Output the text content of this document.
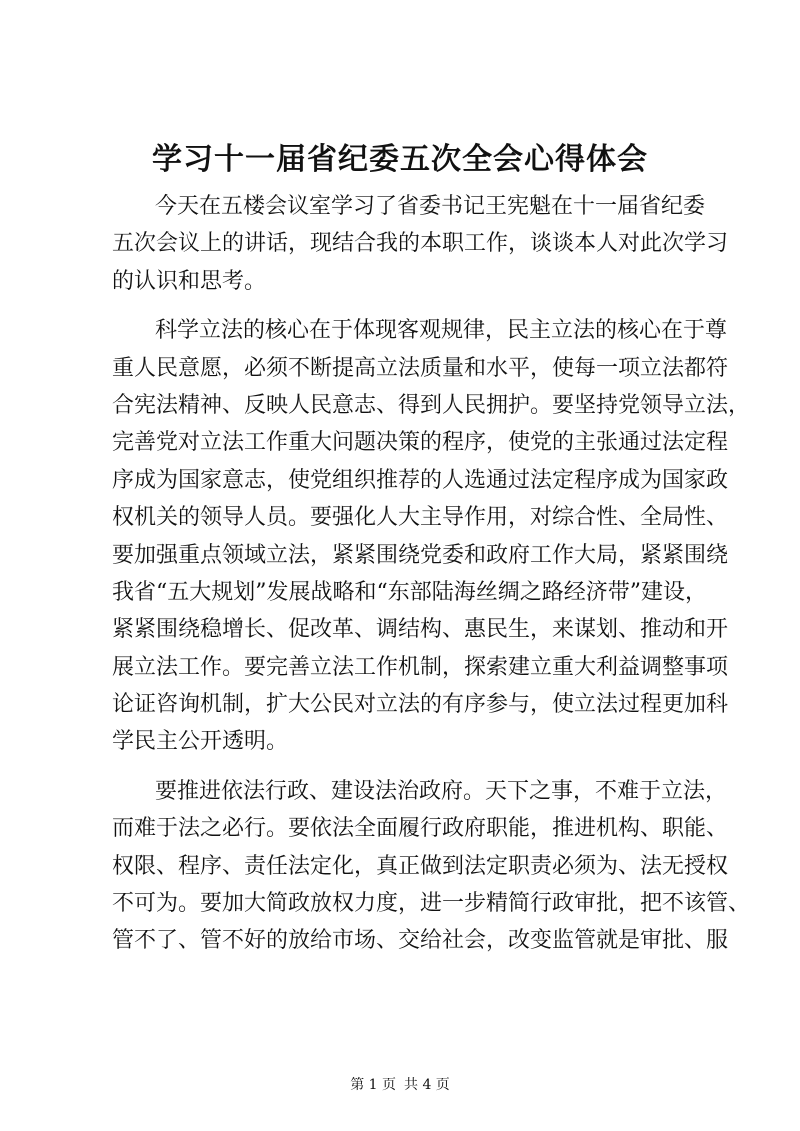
学习十一届省纪委五次全会心得体会
今天在五楼会议室学习了省委书记王宪魁在十一届省纪委
五次会议上的讲话，现结合我的本职工作，谈谈本人对此次学习
的认识和思考。
科学立法的核心在于体现客观规律，民主立法的核心在于尊
重人民意愿，必须不断提高立法质量和水平，使每一项立法都符
合宪法精神、反映人民意志、得到人民拥护。要坚持党领导立法，
完善党对立法工作重大问题决策的程序，使党的主张通过法定程
序成为国家意志，使党组织推荐的人选通过法定程序成为国家政
权机关的领导人员。要强化人大主导作用，对综合性、全局性、
要加强重点领域立法，紧紧围绕党委和政府工作大局，紧紧围绕
我省“五大规划”发展战略和“东部陆海丝绸之路经济带”建设，
紧紧围绕稳增长、促改革、调结构、惠民生，来谋划、推动和开
展立法工作。要完善立法工作机制，探索建立重大利益调整事项
论证咨询机制，扩大公民对立法的有序参与，使立法过程更加科
学民主公开透明。
要推进依法行政、建设法治政府。天下之事，不难于立法，
而难于法之必行。要依法全面履行政府职能，推进机构、职能、
权限、程序、责任法定化，真正做到法定职责必须为、法无授权
不可为。要加大简政放权力度，进一步精简行政审批，把不该管、
管不了、管不好的放给市场、交给社会，改变监管就是审批、服
第 1 页 共 4 页
